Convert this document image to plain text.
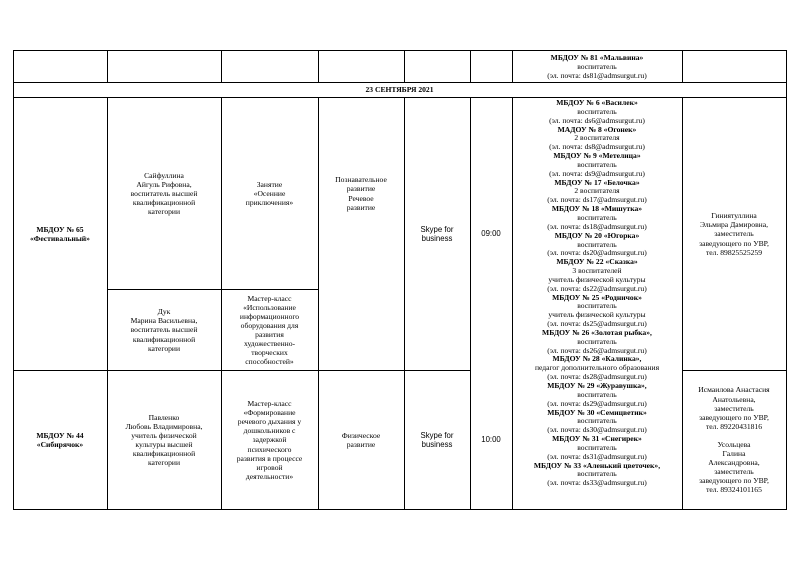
МБДОУ № 81 «Мальвина»
воспитатель
(эл. почта: ds81@admsurgut.ru)
23 СЕНТЯБРЯ 2021
МБДОУ № 65
«Фестивальный»
МБДОУ № 44
«Сибирячок»
Сайфуллина
Айгуль Рифовна,
воспитатель высшей
квалификационной
категории
Дук
Марина Васильевна,
воспитатель высшей
квалификационной
категории
Павленко
Любовь Владимировна,
учитель физической
культуры высшей
квалификационной
категории
Занятие
«Осенние
приключения»
Мастер-класс
«Использование
информационного
оборудования для
развития
художественно-
творческих
способностей»
Мастер-класс
«Формирование
речевого дыхания у
дошкольников с
задержкой
психического
развития в процессе
игровой
деятельности»
Познавательное
развитие
Речевое
развитие
Физическое
развитие
Skype for
business
Skype for
business
09:00
10:00
МБДОУ № 6 «Василек»
воспитатель
(эл. почта: ds6@admsurgut.ru)
МАДОУ № 8 «Огонек»
2 воспитателя
(эл. почта: ds8@admsurgut.ru)
МБДОУ № 9 «Метелица»
воспитатель
(эл. почта: ds9@admsurgut.ru)
МБДОУ № 17 «Белочка»
2 воспитателя
(эл. почта: ds17@admsurgut.ru)
МБДОУ № 18 «Мишутка»
воспитатель
(эл. почта: ds18@admsurgut.ru)
МБДОУ № 20 «Югорка»
воспитатель
(эл. почта: ds20@admsurgut.ru)
МБДОУ № 22 «Сказка»
3 воспитателей
учитель физической культуры
(эл. почта: ds22@admsurgut.ru)
МБДОУ № 25 «Родничок»
воспитатель
учитель физической культуры
(эл. почта: ds25@admsurgut.ru)
МБДОУ № 26 «Золотая рыбка»,
воспитатель
(эл. почта: ds26@admsurgut.ru)
МБДОУ № 28 «Калинка»,
педагог дополнительного образования
(эл. почта: ds28@admsurgut.ru)
МБДОУ № 29 «Журавушка»,
воспитатель
(эл. почта: ds29@admsurgut.ru)
МБДОУ № 30 «Семицветик»
воспитатель
(эл. почта: ds30@admsurgut.ru)
МБДОУ № 31 «Снегирек»
воспитатель
(эл. почта: ds31@admsurgut.ru)
МБДОУ № 33 «Аленький цветочек»,
воспитатель
(эл. почта: ds33@admsurgut.ru)
Гиниятуллина
Эльмира Дамировна,
заместитель
заведующего по УВР,
тел. 89825525259
Исмаилова Анастасия
Анатольевна,
заместитель
заведующего по УВР,
тел. 89220431816

Усольцева
Галина
Александровна,
заместитель
заведующего по УВР,
тел. 89324101165
